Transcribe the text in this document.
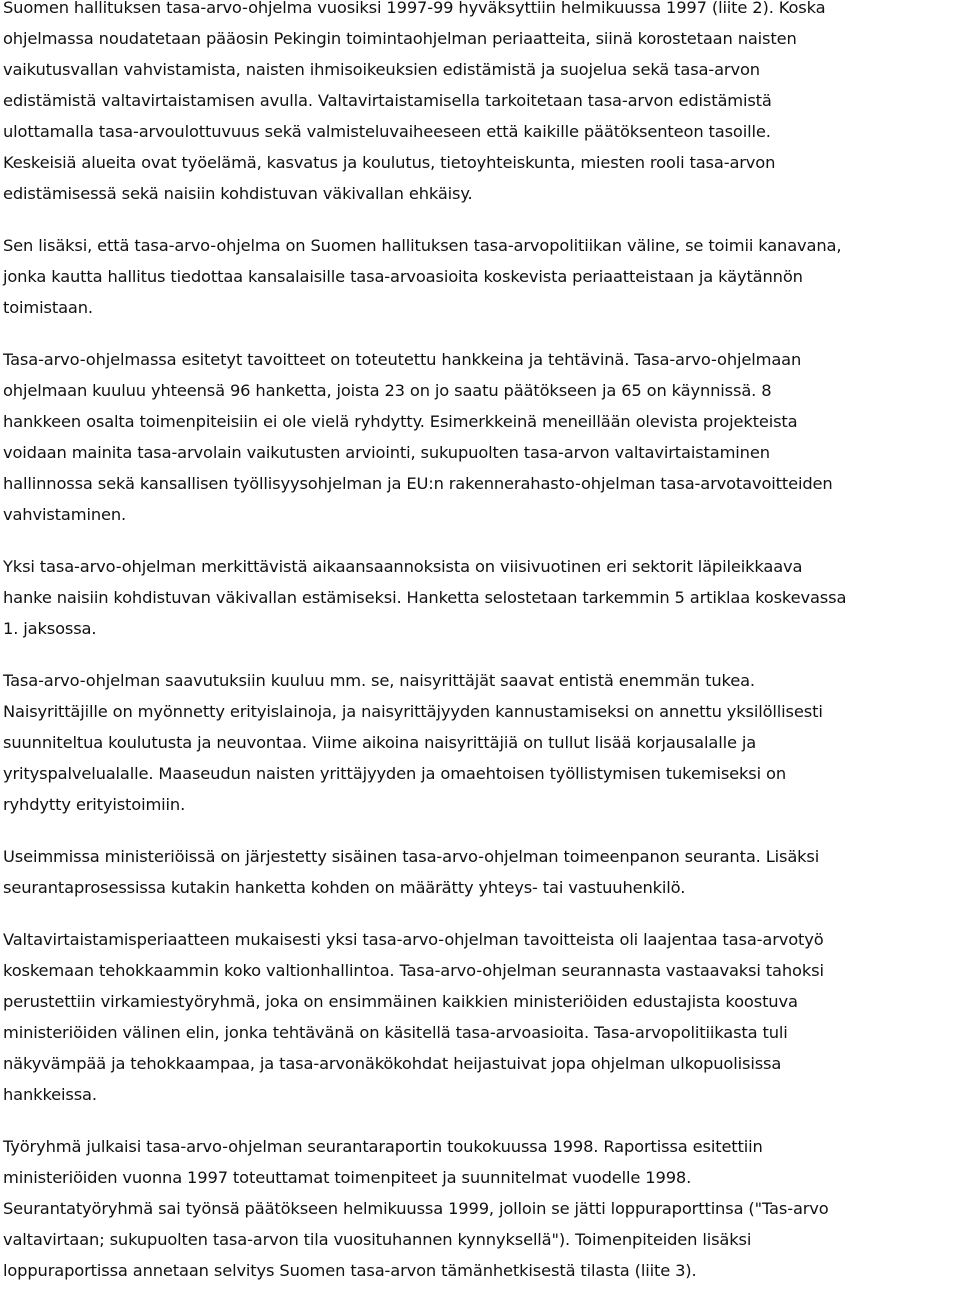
Suomen hallituksen tasa-arvo-ohjelma vuosiksi 1997-99 hyväksyttiin helmikuussa 1997 (liite 2). Koska
ohjelmassa noudatetaan pääosin Pekingin toimintaohjelman periaatteita, siinä korostetaan naisten
vaikutusvallan vahvistamista, naisten ihmisoikeuksien edistämistä ja suojelua sekä tasa-arvon
edistämistä valtavirtaistamisen avulla. Valtavirtaistamisella tarkoitetaan tasa-arvon edistämistä
ulottamalla tasa-arvoulottuvuus sekä valmisteluvaiheeseen että kaikille päätöksenteon tasoille.
Keskeisiä alueita ovat työelämä, kasvatus ja koulutus, tietoyhteiskunta, miesten rooli tasa-arvon
edistämisessä sekä naisiin kohdistuvan väkivallan ehkäisy.

Sen lisäksi, että tasa-arvo-ohjelma on Suomen hallituksen tasa-arvopolitiikan väline, se toimii kanavana,
jonka kautta hallitus tiedottaa kansalaisille tasa-arvoasioita koskevista periaatteistaan ja käytännön
toimistaan.

Tasa-arvo-ohjelmassa esitetyt tavoitteet on toteutettu hankkeina ja tehtävinä. Tasa-arvo-ohjelmaan
ohjelmaan kuuluu yhteensä 96 hanketta, joista 23 on jo saatu päätökseen ja 65 on käynnissä. 8
hankkeen osalta toimenpiteisiin ei ole vielä ryhdytty. Esimerkkeinä meneillään olevista projekteista
voidaan mainita tasa-arvolain vaikutusten arviointi, sukupuolten tasa-arvon valtavirtaistaminen
hallinnossa sekä kansallisen työllisyysohjelman ja EU:n rakennerahasto-ohjelman tasa-arvotavoitteiden
vahvistaminen.

Yksi tasa-arvo-ohjelman merkittävistä aikaansaannoksista on viisivuotinen eri sektorit läpileikkaava
hanke naisiin kohdistuvan väkivallan estämiseksi. Hanketta selostetaan tarkemmin 5 artiklaa koskevassa
1. jaksossa.

Tasa-arvo-ohjelman saavutuksiin kuuluu mm. se, naisyrittäjät saavat entistä enemmän tukea.
Naisyrittäjille on myönnetty erityislainoja, ja naisyrittäjyyden kannustamiseksi on annettu yksilöllisesti
suunniteltua koulutusta ja neuvontaa. Viime aikoina naisyrittäjiä on tullut lisää korjausalalle ja
yrityspalvelualalle. Maaseudun naisten yrittäjyyden ja omaehtoisen työllistymisen tukemiseksi on
ryhdytty erityistoimiin.

Useimmissa ministeriöissä on järjestetty sisäinen tasa-arvo-ohjelman toimeenpanon seuranta. Lisäksi
seurantaprosessissa kutakin hanketta kohden on määrätty yhteys- tai vastuuhenkilö.

Valtavirtaistamisperiaatteen mukaisesti yksi tasa-arvo-ohjelman tavoitteista oli laajentaa tasa-arvotyö
koskemaan tehokkaammin koko valtionhallintoa. Tasa-arvo-ohjelman seurannasta vastaavaksi tahoksi
perustettiin virkamiestyöryhmä, joka on ensimmäinen kaikkien ministeriöiden edustajista koostuva
ministeriöiden välinen elin, jonka tehtävänä on käsitellä tasa-arvoasioita. Tasa-arvopolitiikasta tuli
näkyvämpää ja tehokkaampaa, ja tasa-arvonäkökohdat heijastuivat jopa ohjelman ulkopuolisissa
hankkeissa.

Työryhmä julkaisi tasa-arvo-ohjelman seurantaraportin toukokuussa 1998. Raportissa esitettiin
ministeriöiden vuonna 1997 toteuttamat toimenpiteet ja suunnitelmat vuodelle 1998.
Seurantatyöryhmä sai työnsä päätökseen helmikuussa 1999, jolloin se jätti loppuraporttinsa ("Tas-arvo
valtavirtaan; sukupuolten tasa-arvon tila vuosituhannen kynnyksellä"). Toimenpiteiden lisäksi
loppuraportissa annetaan selvitys Suomen tasa-arvon tämänhetkisestä tilasta (liite 3).
